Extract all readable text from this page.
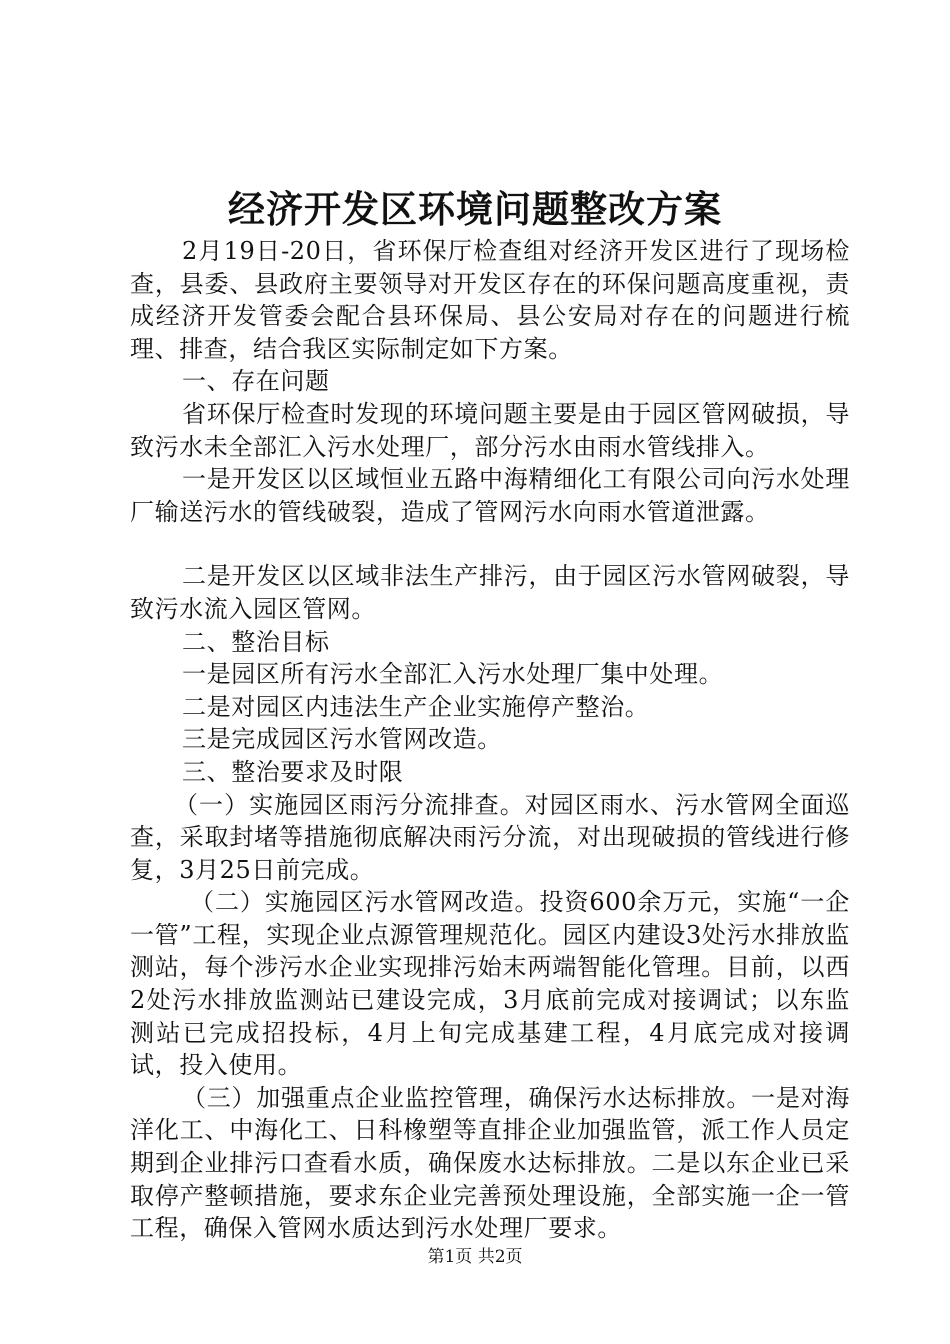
经济开发区环境问题整改方案

2月19日-20日，省环保厅检查组对经济开发区进行了现场检查，县委、县政府主要领导对开发区存在的环保问题高度重视，责成经济开发管委会配合县环保局、县公安局对存在的问题进行梳理、排查，结合我区实际制定如下方案。

一、存在问题

省环保厅检查时发现的环境问题主要是由于园区管网破损，导致污水未全部汇入污水处理厂，部分污水由雨水管线排入。

一是开发区以区域恒业五路中海精细化工有限公司向污水处理厂输送污水的管线破裂，造成了管网污水向雨水管道泄露。

二是开发区以区域非法生产排污，由于园区污水管网破裂，导致污水流入园区管网。

二、整治目标

一是园区所有污水全部汇入污水处理厂集中处理。

二是对园区内违法生产企业实施停产整治。

三是完成园区污水管网改造。

三、整治要求及时限

（一）实施园区雨污分流排查。对园区雨水、污水管网全面巡查，采取封堵等措施彻底解决雨污分流，对出现破损的管线进行修复，3月25日前完成。

（二）实施园区污水管网改造。投资600余万元，实施“一企一管”工程，实现企业点源管理规范化。园区内建设3处污水排放监测站，每个涉污水企业实现排污始末两端智能化管理。目前，以西2处污水排放监测站已建设完成，3月底前完成对接调试；以东监测站已完成招投标，4月上旬完成基建工程，4月底完成对接调试，投入使用。

（三）加强重点企业监控管理，确保污水达标排放。一是对海洋化工、中海化工、日科橡塑等直排企业加强监管，派工作人员定期到企业排污口查看水质，确保废水达标排放。二是以东企业已采取停产整顿措施，要求东企业完善预处理设施，全部实施一企一管工程，确保入管网水质达到污水处理厂要求。

第1页 共2页
